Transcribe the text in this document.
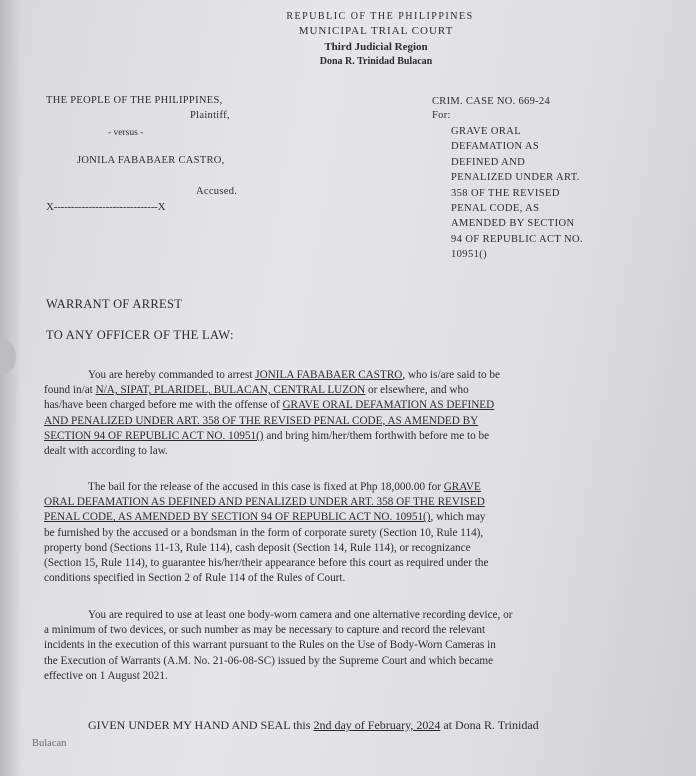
REPUBLIC OF THE PHILIPPINES
MUNICIPAL TRIAL COURT
Third Judicial Region
Dona R. Trinidad Bulacan
THE PEOPLE OF THE PHILIPPINES,
Plaintiff,
- versus -
JONILA FABABAER CASTRO,
Accused.
X------------------------------X
CRIM. CASE NO. 669-24
For:
GRAVE ORAL
DEFAMATION AS
DEFINED AND
PENALIZED UNDER ART.
358 OF THE REVISED
PENAL CODE, AS
AMENDED BY SECTION
94 OF REPUBLIC ACT NO.
10951()
WARRANT OF ARREST
TO ANY OFFICER OF THE LAW:
You are hereby commanded to arrest JONILA FABABAER CASTRO, who is/are said to be
found in/at N/A, SIPAT, PLARIDEL, BULACAN, CENTRAL LUZON or elsewhere, and who
has/have been charged before me with the offense of GRAVE ORAL DEFAMATION AS DEFINED
AND PENALIZED UNDER ART. 358 OF THE REVISED PENAL CODE, AS AMENDED BY
SECTION 94 OF REPUBLIC ACT NO. 10951() and bring him/her/them forthwith before me to be
dealt with according to law.
The bail for the release of the accused in this case is fixed at Php 18,000.00 for GRAVE
ORAL DEFAMATION AS DEFINED AND PENALIZED UNDER ART. 358 OF THE REVISED
PENAL CODE, AS AMENDED BY SECTION 94 OF REPUBLIC ACT NO. 10951(), which may
be furnished by the accused or a bondsman in the form of corporate surety (Section 10, Rule 114),
property bond (Sections 11-13, Rule 114), cash deposit (Section 14, Rule 114), or recognizance
(Section 15, Rule 114), to guarantee his/her/their appearance before this court as required under the
conditions specified in Section 2 of Rule 114 of the Rules of Court.
You are required to use at least one body-worn camera and one alternative recording device, or
a minimum of two devices, or such number as may be necessary to capture and record the relevant
incidents in the execution of this warrant pursuant to the Rules on the Use of Body-Worn Cameras in
the Execution of Warrants (A.M. No. 21-06-08-SC) issued by the Supreme Court and which became
effective on 1 August 2021.
GIVEN UNDER MY HAND AND SEAL this 2nd day of February, 2024 at Dona R. Trinidad
Bulacan
